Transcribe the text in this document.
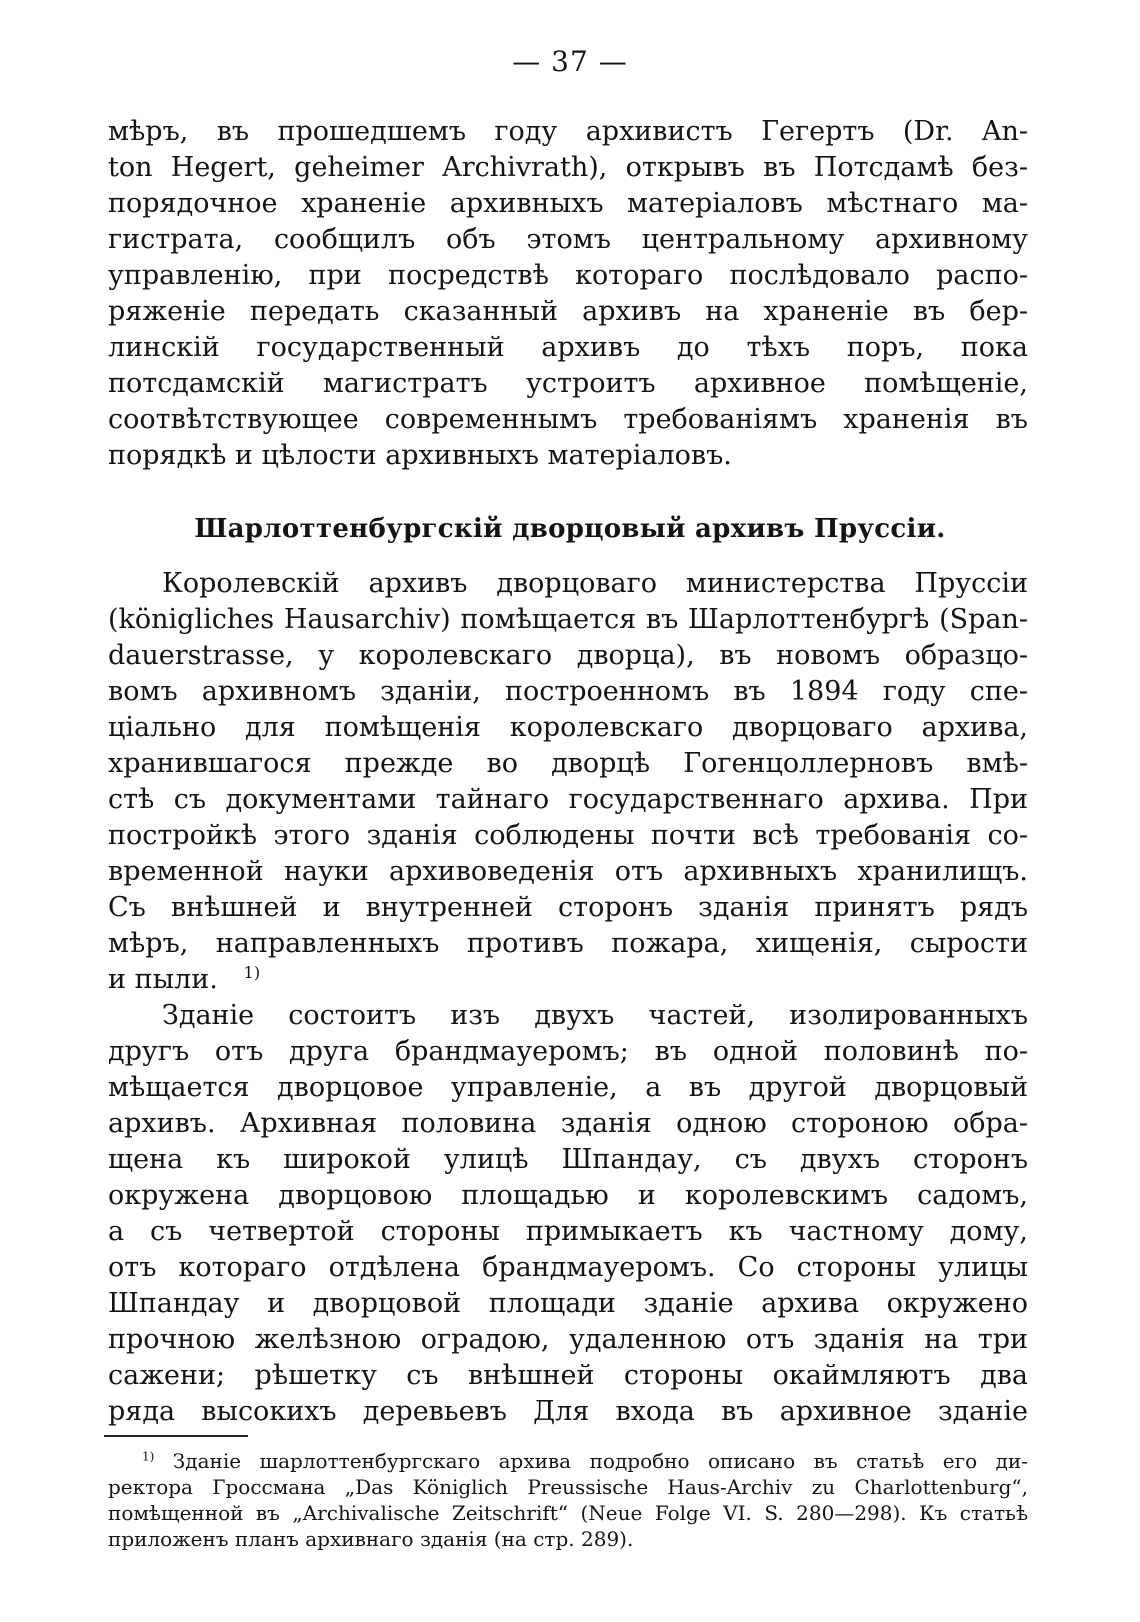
— 37 —
мѣръ, въ прошедшемъ году архивистъ Гегертъ (Dr. An-
ton Hegert, geheimer Archivrath), открывъ въ Потсдамѣ без-
порядочное храненіе архивныхъ матеріаловъ мѣстнаго ма-
гистрата, сообщилъ объ этомъ центральному архивному
управленію, при посредствѣ котораго послѣдовало распо-
ряженіе передать сказанный архивъ на храненіе въ бер-
линскій государственный архивъ до тѣхъ поръ, пока
потсдамскій магистратъ устроитъ архивное помѣщеніе,
соотвѣтствующее современнымъ требованіямъ храненія въ
порядкѣ и цѣлости архивныхъ матеріаловъ.
Шарлоттенбургскій дворцовый архивъ Пруссіи.
Королевскій архивъ дворцоваго министерства Пруссіи
(königliches Hausarchiv) помѣщается въ Шарлоттенбургѣ (Span-
dauerstrasse, у королевскаго дворца), въ новомъ образцо-
вомъ архивномъ зданіи, построенномъ въ 1894 году спе-
ціально для помѣщенія королевскаго дворцоваго архива,
хранившагося прежде во дворцѣ Гогенцоллерновъ вмѣ-
стѣ съ документами тайнаго государственнаго архива. При
постройкѣ этого зданія соблюдены почти всѣ требованія со-
временной науки архивоведенія отъ архивныхъ хранилищъ.
Съ внѣшней и внутренней сторонъ зданія принятъ рядъ
мѣръ, направленныхъ противъ пожара, хищенія, сырости
и пыли. $^{1)}$
Зданіе состоитъ изъ двухъ частей, изолированныхъ
другъ отъ друга брандмауеромъ; въ одной половинѣ по-
мѣщается дворцовое управленіе, а въ другой дворцовый
архивъ. Архивная половина зданія одною стороною обра-
щена къ широкой улицѣ Шпандау, съ двухъ сторонъ
окружена дворцовою площадью и королевскимъ садомъ,
а съ четвертой стороны примыкаетъ къ частному дому,
отъ котораго отдѣлена брандмауеромъ. Со стороны улицы
Шпандау и дворцовой площади зданіе архива окружено
прочною желѣзною оградою, удаленною отъ зданія на три
сажени; рѣшетку съ внѣшней стороны окаймляютъ два
ряда высокихъ деревьевъ Для входа въ архивное зданіе
$^{1)}$ Зданіе шарлоттенбургскаго архива подробно описано въ статьѣ его ди-
ректора Гроссмана „Das Königlich Preussische Haus-Archiv zu Charlottenburg“,
помѣщенной въ „Archivalische Zeitschrift“ (Neue Folge VI. S. 280—298). Къ статьѣ
приложенъ планъ архивнаго зданія (на стр. 289).
